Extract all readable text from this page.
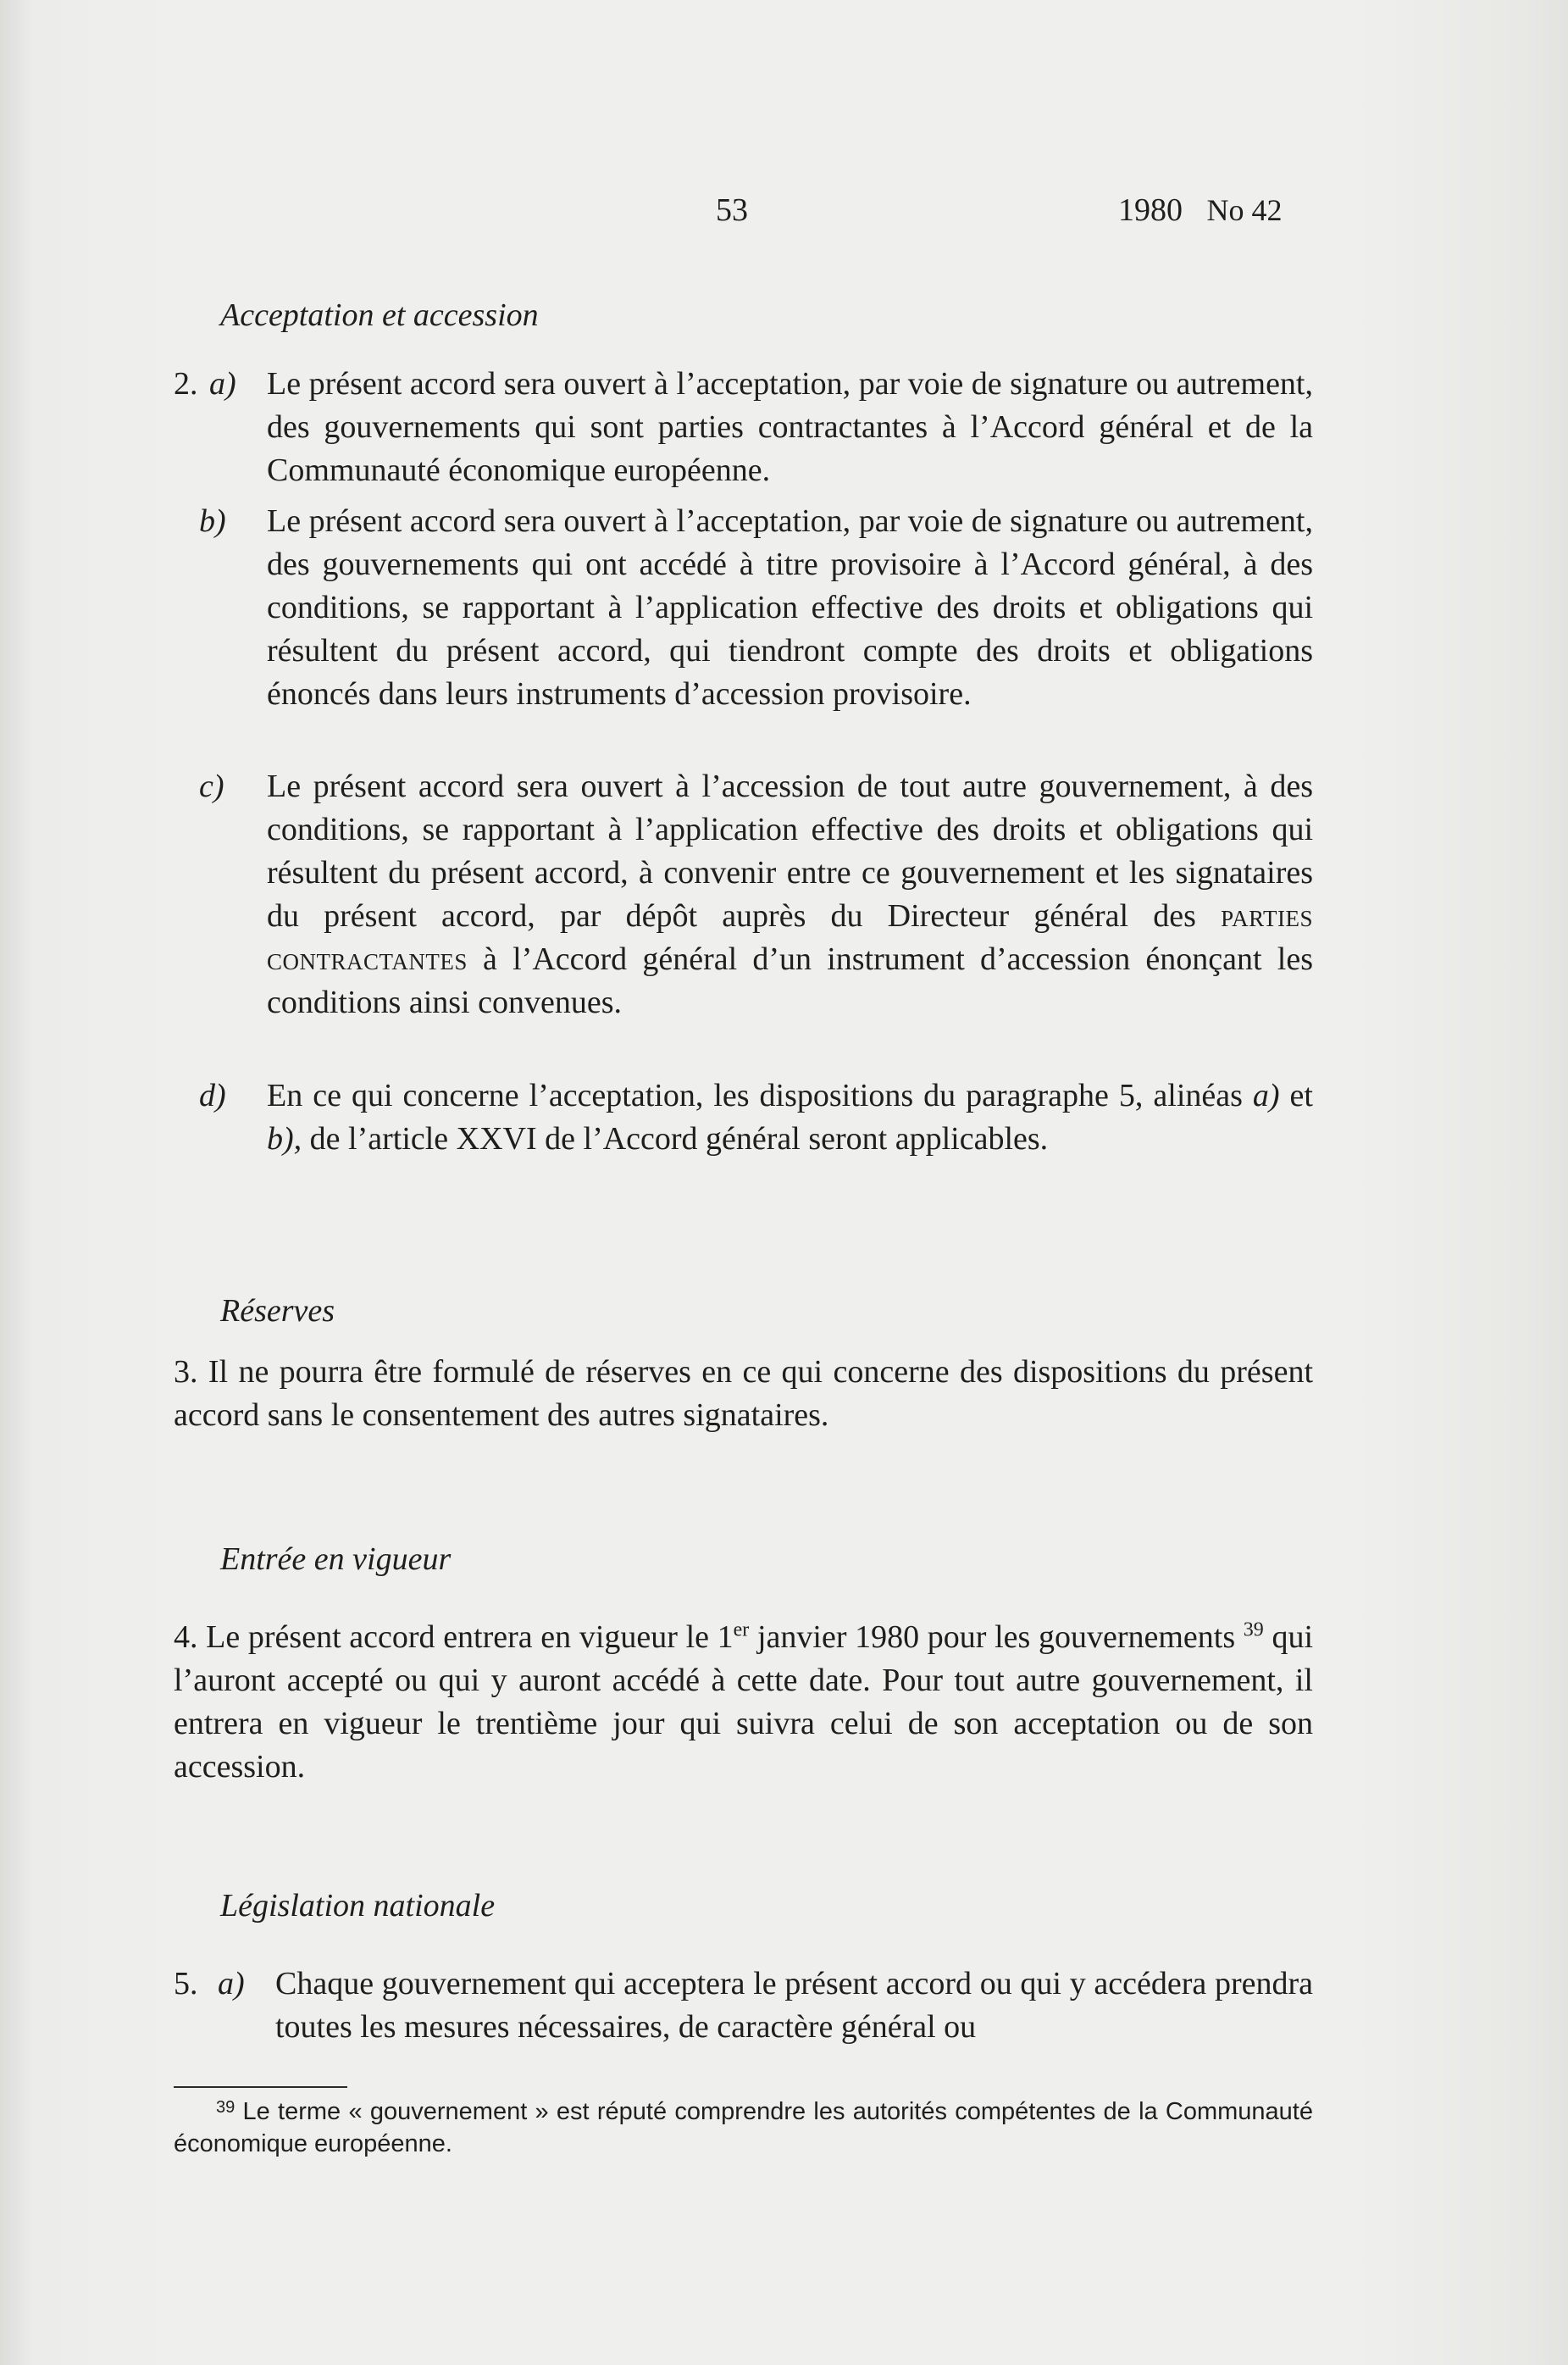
53	1980 No 42
Acceptation et accession
2. a) Le présent accord sera ouvert à l’acceptation, par voie de signature ou autrement, des gouvernements qui sont parties contractantes à l’Accord général et de la Communauté économique européenne.
b) Le présent accord sera ouvert à l’acceptation, par voie de signature ou autrement, des gouvernements qui ont accédé à titre provisoire à l’Accord général, à des conditions, se rapportant à l’application effective des droits et obligations qui résultent du présent accord, qui tiendront compte des droits et obligations énoncés dans leurs instruments d’accession provisoire.
c) Le présent accord sera ouvert à l’accession de tout autre gouvernement, à des conditions, se rapportant à l’application effective des droits et obligations qui résultent du présent accord, à convenir entre ce gouvernement et les signataires du présent accord, par dépôt auprès du Directeur général des parties contractantes à l’Accord général d’un instrument d’accession énonçant les conditions ainsi convenues.
d) En ce qui concerne l’acceptation, les dispositions du paragraphe 5, alinéas a) et b), de l’article XXVI de l’Accord général seront applicables.
Réserves
3. Il ne pourra être formulé de réserves en ce qui concerne des dispositions du présent accord sans le consentement des autres signataires.
Entrée en vigueur
4. Le présent accord entrera en vigueur le 1er janvier 1980 pour les gouvernements $^{39}$ qui l’auront accepté ou qui y auront accédé à cette date. Pour tout autre gouvernement, il entrera en vigueur le trentième jour qui suivra celui de son acceptation ou de son accession.
Législation nationale
5. a) Chaque gouvernement qui acceptera le présent accord ou qui y accédera prendra toutes les mesures nécessaires, de caractère général ou
$^{39}$ Le terme « gouvernement » est réputé comprendre les autorités compétentes de la Communauté économique européenne.
